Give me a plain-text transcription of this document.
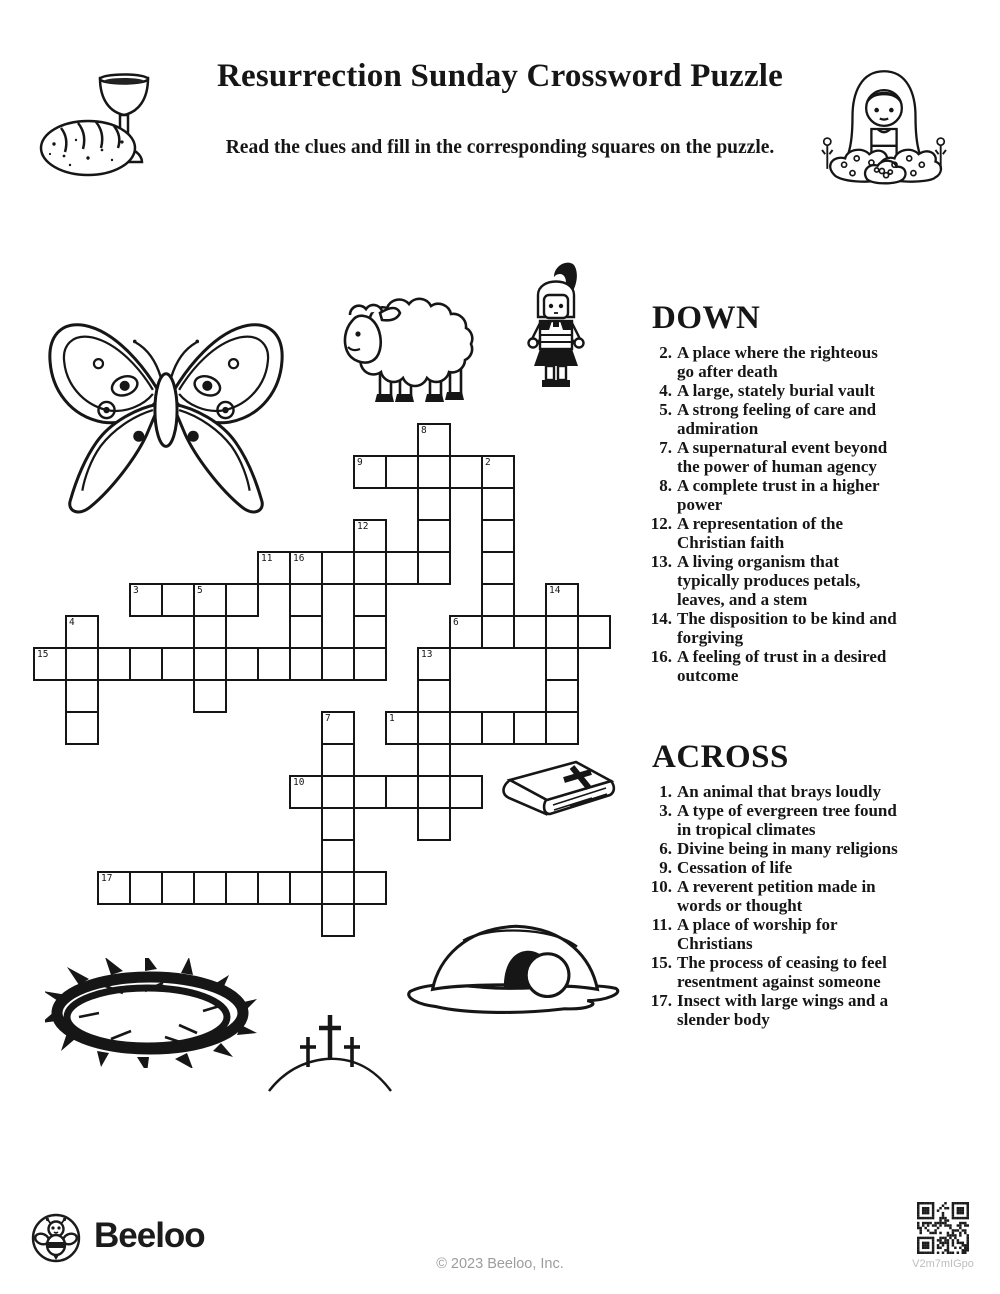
Resurrection Sunday Crossword Puzzle
Read the clues and fill in the corresponding squares on the puzzle.
8
9	2
12
11 16
3	5	14
4	6
15	13
7	1
10
17
DOWN
2. A place where the righteous go after death
4. A large, stately burial vault
5. A strong feeling of care and admiration
7. A supernatural event beyond the power of human agency
8. A complete trust in a higher power
12. A representation of the Christian faith
13. A living organism that typically produces petals, leaves, and a stem
14. The disposition to be kind and forgiving
16. A feeling of trust in a desired outcome
ACROSS
1. An animal that brays loudly
3. A type of evergreen tree found in tropical climates
6. Divine being in many religions
9. Cessation of life
10. A reverent petition made in words or thought
11. A place of worship for Christians
15. The process of ceasing to feel resentment against someone
17. Insect with large wings and a slender body
Beeloo
© 2023 Beeloo, Inc.	V2m7mIGpo
